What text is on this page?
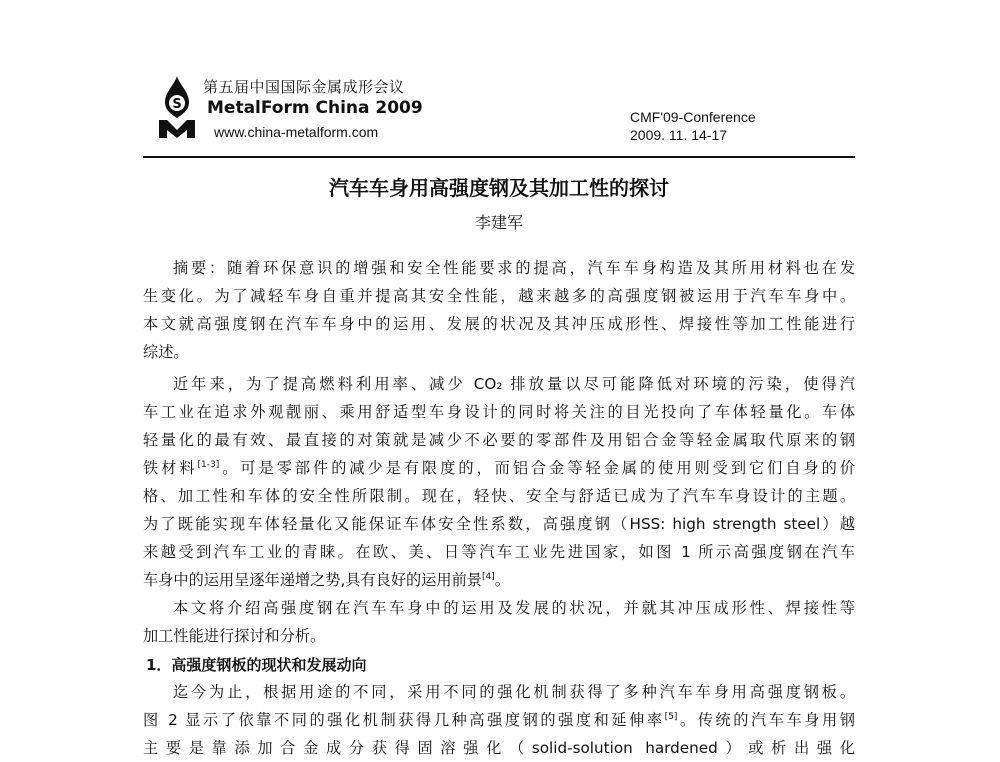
S
第五届中国国际金属成形会议
MetalForm China 2009
www.china-metalform.com
CMF'09-Conference
2009. 11. 14-17
汽车车身用高强度钢及其加工性的探讨
李建军
摘要：随着环保意识的增强和安全性能要求的提高，汽车车身构造及其所用材料也在发
生变化。为了减轻车身自重并提高其安全性能，越来越多的高强度钢被运用于汽车车身中。
本文就高强度钢在汽车车身中的运用、发展的状况及其冲压成形性、焊接性等加工性能进行
综述。
近年来，为了提高燃料利用率、减少 CO₂ 排放量以尽可能降低对环境的污染，使得汽
车工业在追求外观靓丽、乘用舒适型车身设计的同时将关注的目光投向了车体轻量化。车体
轻量化的最有效、最直接的对策就是减少不必要的零部件及用铝合金等轻金属取代原来的钢
铁材料[1-3]。可是零部件的减少是有限度的，而铝合金等轻金属的使用则受到它们自身的价
格、加工性和车体的安全性所限制。现在，轻快、安全与舒适已成为了汽车车身设计的主题。
为了既能实现车体轻量化又能保证车体安全性系数，高强度钢（HSS: high strength steel）越
来越受到汽车工业的青睐。在欧、美、日等汽车工业先进国家，如图 1 所示高强度钢在汽车
车身中的运用呈逐年递增之势,具有良好的运用前景[4]。
本文将介绍高强度钢在汽车车身中的运用及发展的状况，并就其冲压成形性、焊接性等
加工性能进行探讨和分析。
1．高强度钢板的现状和发展动向
迄今为止，根据用途的不同，采用不同的强化机制获得了多种汽车车身用高强度钢板。
图 2 显示了依靠不同的强化机制获得几种高强度钢的强度和延伸率[5]。传统的汽车车身用钢
主要是靠添加合金成分获得固溶强化（solid-solution hardened）或析出强化
